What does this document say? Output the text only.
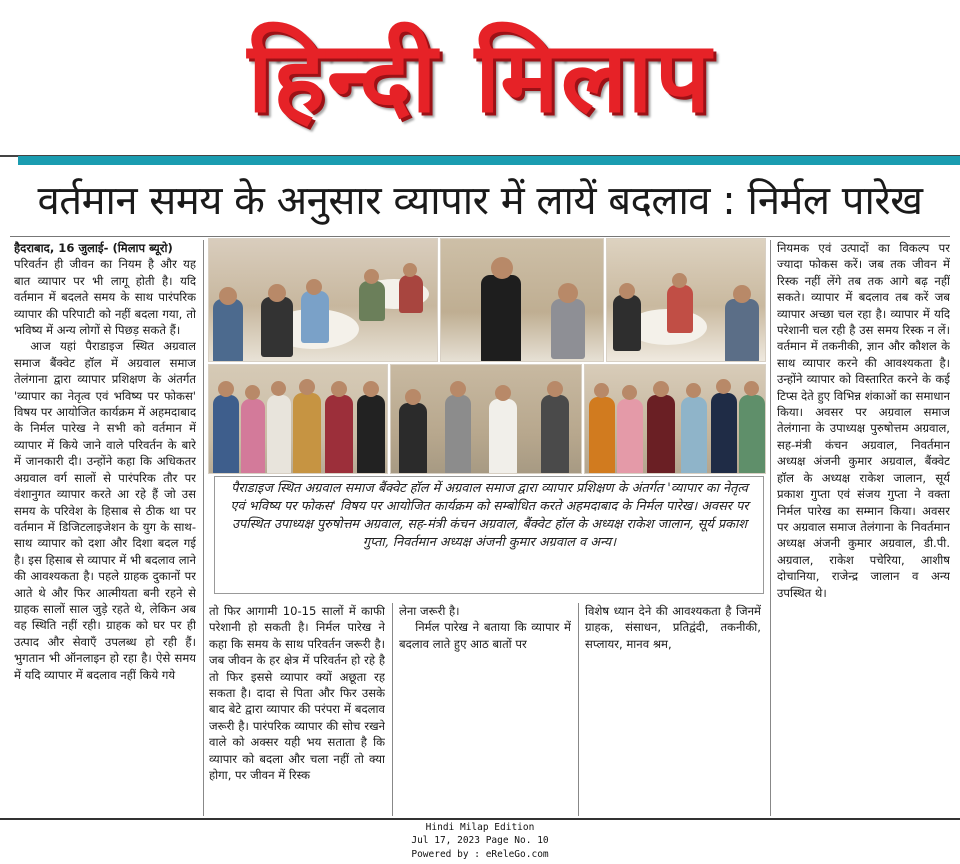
हिन्दी मिलाप
वर्तमान समय के अनुसार व्यापार में लायें बदलाव : निर्मल पारेख

हैदराबाद, 16 जुलाई- (मिलाप ब्यूरो)

परिवर्तन ही जीवन का नियम है और यह बात व्यापार पर भी लागू होती है। यदि वर्तमान में बदलते समय के साथ पारंपरिक व्यापार की परिपाटी को नहीं बदला गया, तो भविष्य में अन्य लोगों से पिछड़ सकते हैं।

आज यहां पैराडाइज स्थित अग्रवाल समाज बैंक्वेट हॉल में अग्रवाल समाज तेलंगाना द्वारा व्यापार प्रशिक्षण के अंतर्गत 'व्यापार का नेतृत्व एवं भविष्य पर फोकस' विषय पर आयोजित कार्यक्रम में अहमदाबाद के निर्मल पारेख ने सभी को वर्तमान में व्यापार में किये जाने वाले परिवर्तन के बारे में जानकारी दी। उन्होंने कहा कि अधिकतर अग्रवाल वर्ग सालों से पारंपरिक तौर पर वंशानुगत व्यापार करते आ रहे हैं जो उस समय के परिवेश के हिसाब से ठीक था पर वर्तमान में डिजिटलाइजेशन के युग के साथ-साथ व्यापार को दशा और दिशा बदल गई है। इस हिसाब से व्यापार में भी बदलाव लाने की आवश्यकता है। पहले ग्राहक दुकानों पर आते थे और फिर आत्मीयता बनी रहने से ग्राहक सालों साल जुड़े रहते थे, लेकिन अब वह स्थिति नहीं रही। ग्राहक को घर पर ही उत्पाद और सेवाएँ उपलब्ध हो रही हैं। भुगतान भी ऑनलाइन हो रहा है। ऐसे समय में यदि व्यापार में बदलाव नहीं किये गये

पैराडाइज स्थित अग्रवाल समाज बैंक्वेट हॉल में अग्रवाल समाज द्वारा व्यापार प्रशिक्षण के अंतर्गत 'व्यापार का नेतृत्व एवं भविष्य पर फोकस' विषय पर आयोजित कार्यक्रम को सम्बोधित करते अहमदाबाद के निर्मल पारेख। अवसर पर उपस्थित उपाध्यक्ष पुरुषोत्तम अग्रवाल, सह-मंत्री कंचन अग्रवाल, बैंक्वेट हॉल के अध्यक्ष राकेश जालान, सूर्य प्रकाश गुप्ता, निवर्तमान अध्यक्ष अंजनी कुमार अग्रवाल व अन्य।

तो फिर आगामी 10-15 सालों में काफी परेशानी हो सकती है। निर्मल पारेख ने कहा कि समय के साथ परिवर्तन जरूरी है। जब जीवन के हर क्षेत्र में परिवर्तन हो रहे है तो फिर इससे व्यापार क्यों अछूता रह सकता है। दादा से पिता और फिर उसके बाद बेटे द्वारा व्यापार की परंपरा में बदलाव जरूरी है। पारंपरिक व्यापार की सोच रखने वाले को अक्सर यही भय सताता है कि व्यापार को बदला और चला नहीं तो क्या होगा, पर जीवन में रिस्क

लेना जरूरी है।

निर्मल पारेख ने बताया कि व्यापार में बदलाव लाते हुए आठ बातों पर

विशेष ध्यान देने की आवश्यकता है जिनमें ग्राहक, संसाधन, प्रतिद्वंदी, तकनीकी, सप्लायर, मानव श्रम,

नियमक एवं उत्पादों का विकल्प पर ज्यादा फोकस करें। जब तक जीवन में रिस्क नहीं लेंगे तब तक आगे बढ़ नहीं सकते। व्यापार में बदलाव तब करें जब व्यापार अच्छा चल रहा है। व्यापार में यदि परेशानी चल रही है उस समय रिस्क न लें। वर्तमान में तकनीकी, ज्ञान और कौशल के साथ व्यापार करने की आवश्यकता है। उन्होंने व्यापार को विस्तारित करने के कई टिप्स देते हुए विभिन्न शंकाओं का समाधान किया। अवसर पर अग्रवाल समाज तेलंगाना के उपाध्यक्ष पुरुषोत्तम अग्रवाल, सह-मंत्री कंचन अग्रवाल, निवर्तमान अध्यक्ष अंजनी कुमार अग्रवाल, बैंक्वेट हॉल के अध्यक्ष राकेश जालान, सूर्य प्रकाश गुप्ता एवं संजय गुप्ता ने वक्ता निर्मल पारेख का सम्मान किया। अवसर पर अग्रवाल समाज तेलंगाना के निवर्तमान अध्यक्ष अंजनी कुमार अग्रवाल, डी.पी. अग्रवाल, राकेश पचेरिया, आशीष दोचानिया, राजेन्द्र जालान व अन्य उपस्थित थे।

Hindi Milap Edition
Jul 17, 2023 Page No. 10
Powered by : eReleGo.com
